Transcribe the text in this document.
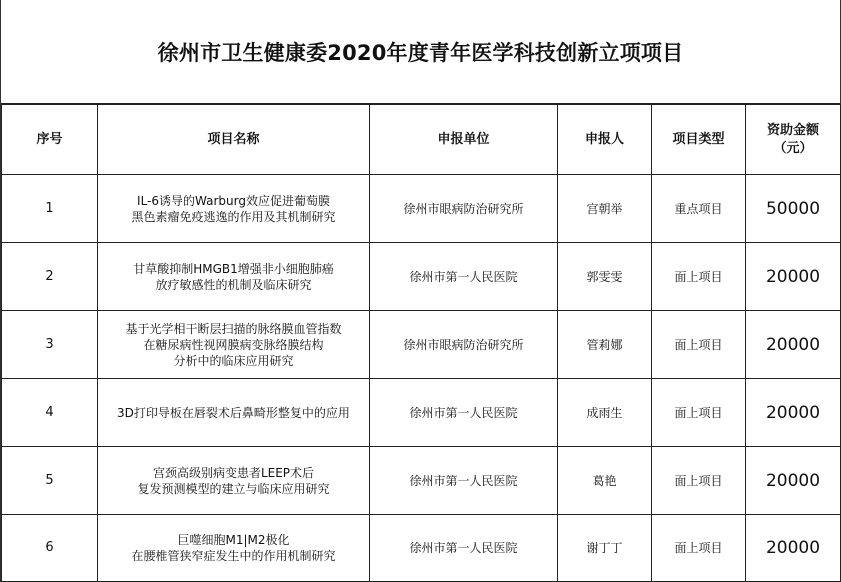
徐州市卫生健康委2020年度青年医学科技创新立项项目
序号	项目名称	申报单位	申报人	项目类型	资助金额
（元）

1	IL-6诱导的Warburg效应促进葡萄膜
黑色素瘤免疫逃逸的作用及其机制研究	徐州市眼病防治研究所	宫朝举	重点项目	50000
2	甘草酸抑制HMGB1增强非小细胞肺癌
放疗敏感性的机制及临床研究	徐州市第一人民医院	郭雯雯	面上项目	20000
3	基于光学相干断层扫描的脉络膜血管指数
在糖尿病性视网膜病变脉络膜结构
分析中的临床应用研究	徐州市眼病防治研究所	管莉娜	面上项目	20000
4	3D打印导板在唇裂术后鼻畸形整复中的应用	徐州市第一人民医院	成雨生	面上项目	20000
5	宫颈高级别病变患者LEEP术后
复发预测模型的建立与临床应用研究	徐州市第一人民医院	葛艳	面上项目	20000
6	巨噬细胞M1|M2极化
在腰椎管狭窄症发生中的作用机制研究	徐州市第一人民医院	谢丁丁	面上项目	20000
